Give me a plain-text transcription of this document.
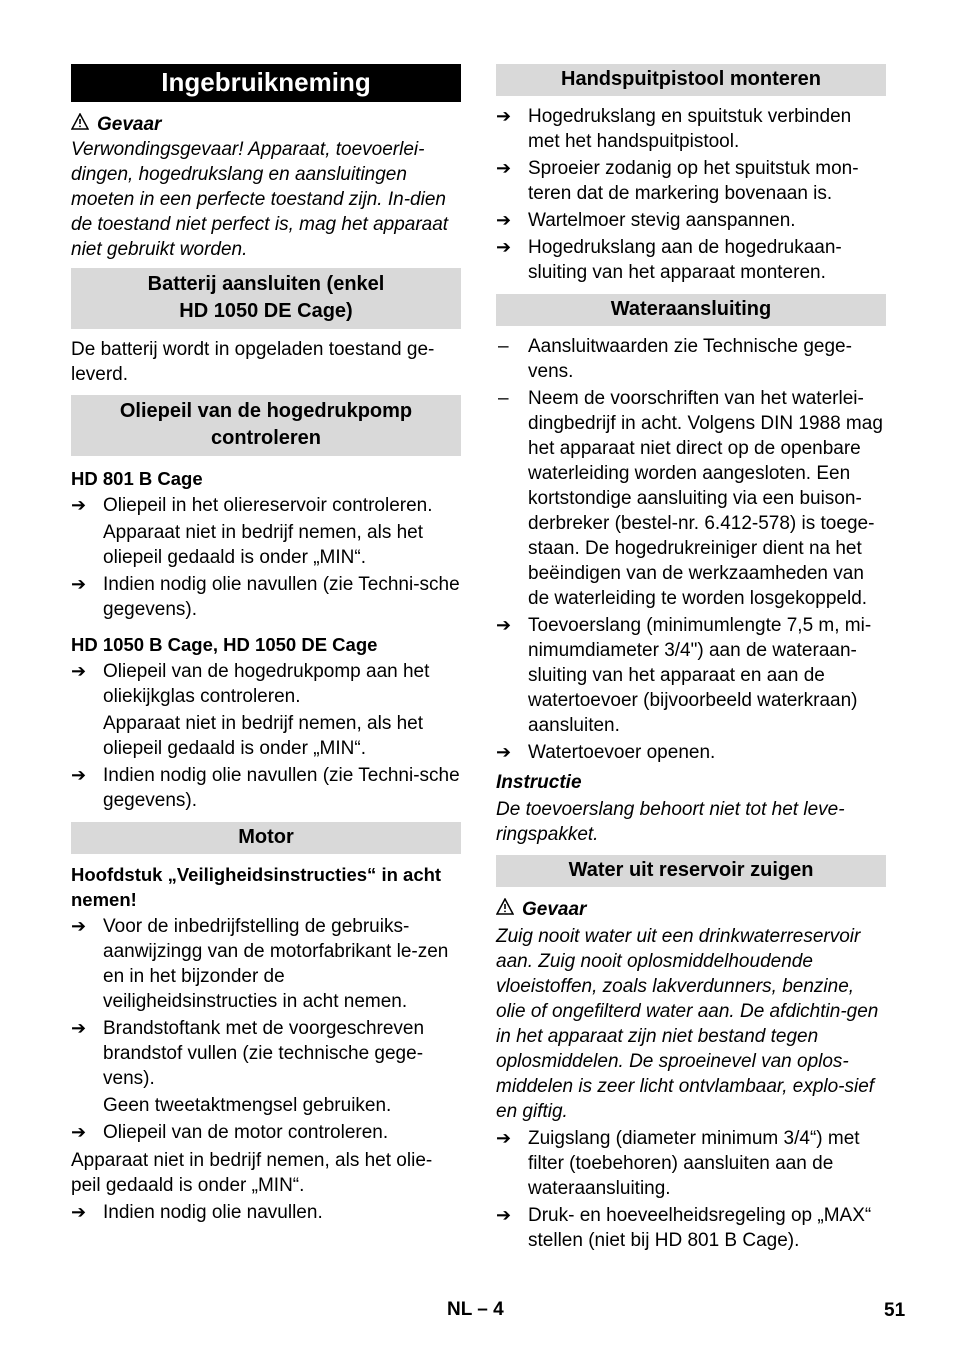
Ingebruikneming

Gevaar

Verwondingsgevaar! Apparaat, toevoerlei-dingen, hogedrukslang en aansluitingen moeten in een perfecte toestand zijn. In-dien de toestand niet perfect is, mag het apparaat niet gebruikt worden.

Batterij aansluiten (enkel
HD 1050 DE Cage)

De batterij wordt in opgeladen toestand ge-leverd.

Oliepeil van de hogedrukpomp
controleren
HD 801 B Cage
➔ Oliepeil in het oliereservoir controleren.
Apparaat niet in bedrijf nemen, als het oliepeil gedaald is onder „MIN“.
➔ Indien nodig olie navullen (zie Techni-sche gegevens).
HD 1050 B Cage, HD 1050 DE Cage
➔ Oliepeil van de hogedrukpomp aan het oliekijkglas controleren.
Apparaat niet in bedrijf nemen, als het oliepeil gedaald is onder „MIN“.
➔ Indien nodig olie navullen (zie Techni-sche gegevens).
Motor
Hoofdstuk „Veiligheidsinstructies“ in acht nemen!
➔ Voor de inbedrijfstelling de gebruiks-aanwijzingg van de motorfabrikant le-zen en in het bijzonder de veiligheidsinstructies in acht nemen.
➔ Brandstoftank met de voorgeschreven brandstof vullen (zie technische gege-vens).
Geen tweetaktmengsel gebruiken.
➔ Oliepeil van de motor controleren.

Apparaat niet in bedrijf nemen, als het olie-peil gedaald is onder „MIN“.

➔ Indien nodig olie navullen.
Handspuitpistool monteren
➔ Hogedrukslang en spuitstuk verbinden met het handspuitpistool.
➔ Sproeier zodanig op het spuitstuk mon-teren dat de markering bovenaan is.
➔ Wartelmoer stevig aanspannen.
➔ Hogedrukslang aan de hogedrukaan-sluiting van het apparaat monteren.
Wateraansluiting
– Aansluitwaarden zie Technische gege-vens.
– Neem de voorschriften van het waterlei-dingbedrijf in acht. Volgens DIN 1988 mag het apparaat niet direct op de openbare waterleiding worden aangesloten. Een kortstondige aansluiting via een buison-derbreker (bestel-nr. 6.412-578) is toege-staan. De hogedrukreiniger dient na het beëindigen van de werkzaamheden van de waterleiding te worden losgekoppeld.
➔ Toevoerslang (minimumlengte 7,5 m, mi-nimumdiameter 3/4") aan de wateraan-sluiting van het apparaat en aan de watertoevoer (bijvoorbeeld waterkraan) aansluiten.
➔ Watertoevoer openen.

Instructie

De toevoerslang behoort niet tot het leve-ringspakket.

Water uit reservoir zuigen

Gevaar

Zuig nooit water uit een drinkwaterreservoir aan. Zuig nooit oplosmiddelhoudende vloeistoffen, zoals lakverdunners, benzine, olie of ongefilterd water aan. De afdichtin-gen in het apparaat zijn niet bestand tegen oplosmiddelen. De sproeinevel van oplos-middelen is zeer licht ontvlambaar, explo-sief en giftig.

➔ Zuigslang (diameter minimum 3/4“) met filter (toebehoren) aansluiten aan de wateraansluiting.
➔ Druk- en hoeveelheidsregeling op „MAX“ stellen (niet bij HD 801 B Cage).
NL – 4	51
